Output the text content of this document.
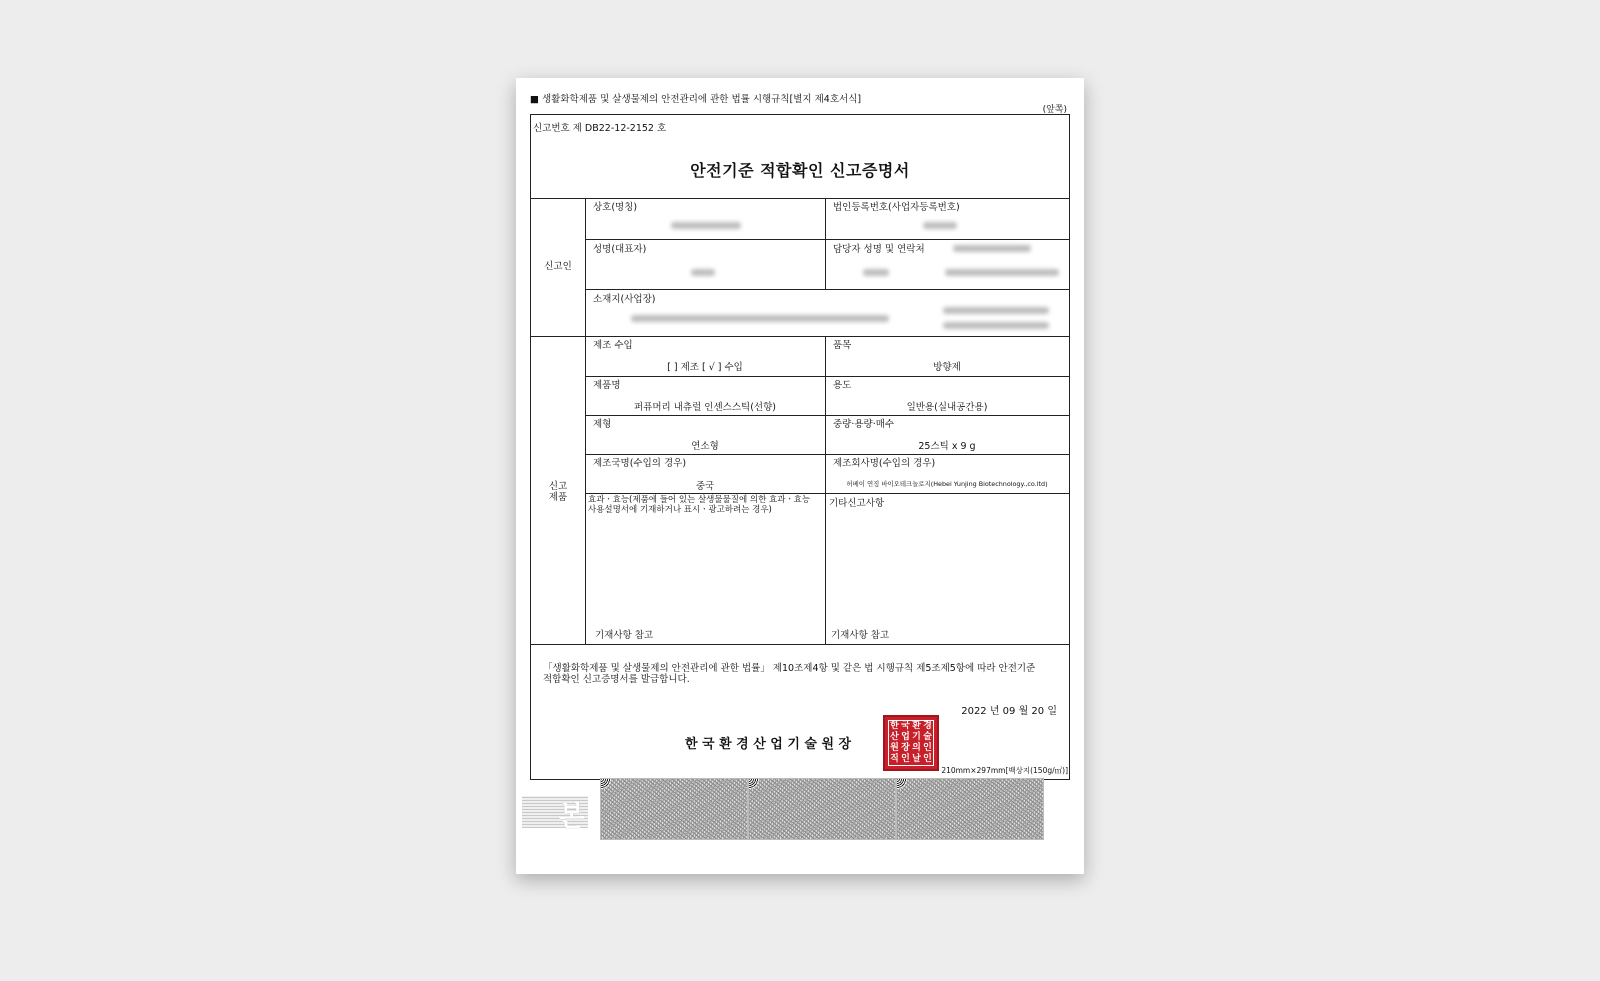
■ 생활화학제품 및 살생물제의 안전관리에 관한 법률 시행규칙[별지 제4호서식]
(앞쪽)
신고번호 제 DB22-12-2152 호
안전기준 적합확인 신고증명서
신고인
상호(명칭)	법인등록번호(사업자등록번호)
성명(대표자)	담당자 성명 및 연락처
소재지(사업장)
신고
제품
제조 수입
[ ] 제조 [ √ ] 수입
품목
방향제
제품명
퍼퓨머리 내츄럴 인센스스틱(선향)
용도
일반용(실내공간용)
제형
연소형
중량·용량·매수
25스틱 x 9 g
제조국명(수입의 경우)
중국
제조회사명(수입의 경우)
허베이 연징 바이오테크놀로지(Hebei Yunjing Biotechnology.,co.ltd)
효과ㆍ효능(제품에 들어 있는 살생물물질에 의한 효과ㆍ효능 사용설명서에 기재하거나 표시ㆍ광고하려는 경우)
기재사항 참고
기타신고사항
기재사항 참고
「생활화학제품 및 살생물제의 안전관리에 관한 법률」 제10조제4항 및 같은 법 시행규칙 제5조제5항에 따라 안전기준 적합확인 신고증명서를 발급합니다.
2022 년 09 월 20 일
한국환경산업기술원장
한 국 환 경
산 업 기 술
원 장 의 인
직 인 날 인
210mm×297mm[백상지(150g/㎡)]
본
